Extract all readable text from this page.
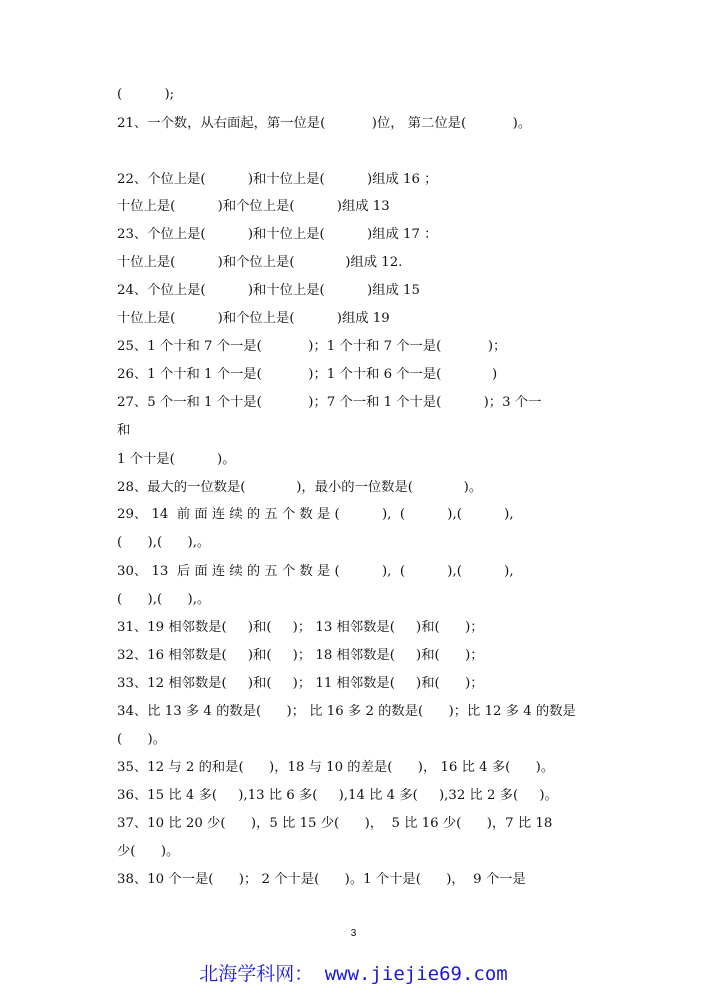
(          );

21、一个数，从右面起，第一位是(           )位， 第二位是(           )。

22、个位上是(          )和十位上是(          )组成 16 ；

十位上是(          )和个位上是(          )组成 13

23、个位上是(          )和十位上是(          )组成 17 ：

十位上是(          )和个位上是(            )组成 12.

24、个位上是(          )和十位上是(          )组成 15

十位上是(          )和个位上是(          )组成 19

25、1 个十和 7 个一是(           )；1 个十和 7 个一是(           )；

26、1 个十和 1 个一是(           )；1 个十和 6 个一是(            )

27、5 个一和 1 个十是(           )；7 个一和 1 个十是(          )；3 个一

和

1 个十是(          )。

28、最大的一位数是(            )，最小的一位数是(            )。

29、 14  前 面 连 续 的 五 个 数 是 (          ),  (          ),(          ),

(      ),(      ),。

30、 13  后 面 连 续 的 五 个 数 是 (          ),  (          ),(          ),

(      ),(      ),。

31、19 相邻数是(     )和(     )； 13 相邻数是(     )和(      )；

32、16 相邻数是(     )和(     )； 18 相邻数是(     )和(      )；

33、12 相邻数是(     )和(     )； 11 相邻数是(     )和(      )；

34、比 13 多 4 的数是(      )； 比 16 多 2 的数是(      )；比 12 多 4 的数是

(      )。

35、12 与 2 的和是(      )，18 与 10 的差是(      )， 16 比 4 多(      )。

36、15 比 4 多(     ),13 比 6 多(     ),14 比 4 多(     ),32 比 2 多(     )。

37、10 比 20 少(      )，5 比 15 少(      )，  5 比 16 少(      )，7 比 18

少(      )。

38、10 个一是(      )； 2 个十是(      )。1 个十是(      )，  9 个一是

3
北海学科网： www.jiejie69.com
